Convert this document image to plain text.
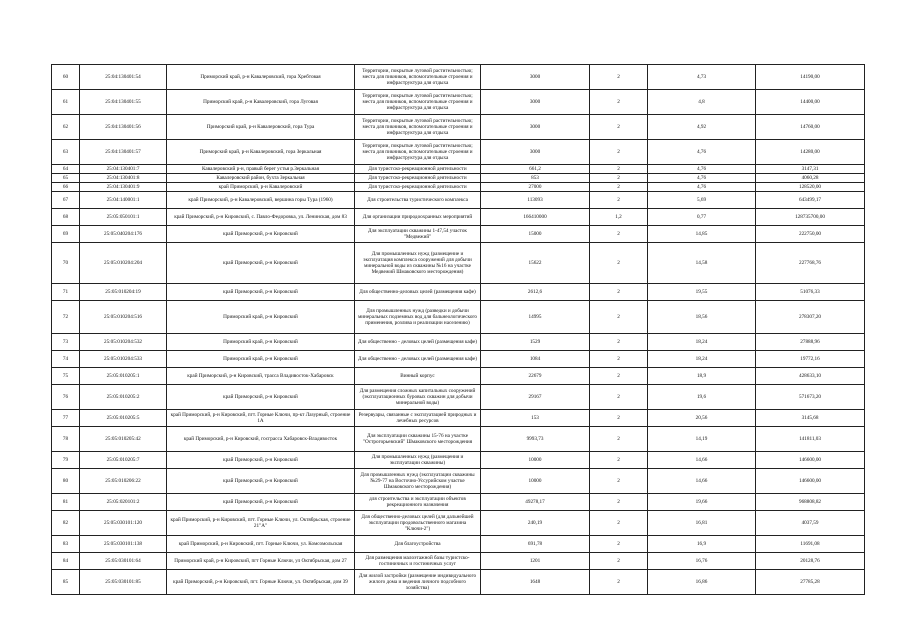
60	25:04:130401:54	Приморский край, р-н Кавалеровский, гора Хребтовая	Территории, покрытые луговой растительностью; места для пикников, вспомогательные строения и инфраструктура для отдыха	3000	2	4,73	14190,00
61	25:04:130401:55	Приморский край, р-н Кавалеровский, гора Луговая	Территории, покрытые луговой растительностью; места для пикников, вспомогательные строения и инфраструктура для отдыха	3000	2	4,8	14400,00
62	25:04:130401:56	Приморский край, р-н Кавалеровский, гора Тура	Территории, покрытые луговой растительностью; места для пикников, вспомогательные строения и инфраструктура для отдыха	3000	2	4,92	14760,00
63	25:04:130401:57	Приморский край, р-н Кавалеровский, гора Зеркальная	Территории, покрытые луговой растительностью; места для пикников, вспомогательные строения и инфраструктура для отдыха	3000	2	4,76	14280,00
64	25:04:130401:7	Кавалеровский р-н, правый берег устья р.Зеркальная	Для туристско-рекреационной деятельности	661,2	2	4,76	3147,31
65	25:04:130401:8	Кавалеровский район, бухта Зеркальная	Для туристско-рекреационной деятельности	853	2	4,76	4060,28
66	25:04:130401:9	край Приморский, р-н Кавалеровский	Для туристско-рекреационной деятельности	27000	2	4,76	128520,00
67	25:04:140001:1	край Приморский, р-н Кавалеровский, вершина горы Тура (1960)	Для строительства туристического комплекса	113093	2	5,69	643499,17
68	25:05:050101:1	край Приморский, р-н Кировский, с. Павло-Федоровка, ул. Ленинская, дом 83	Для организации природоохранных мероприятий	166410000	1,2	0,77	128735700,00
69	25:05:040204:176	край Приморский, р-н Кировский	Для эксплуатации скважины 1-47,54 участок "Медвежий"	15000	2	14,85	222750,00
70	25:05:010204:204	край Приморский, р-н Кировский	Для промышленных нужд (размещение и эксплуатация комплекса сооружений для добычи минеральной воды из скважины №16 на участке Медвежий Шмаковского месторождения)	15622	2	14,58	227768,76
71	25:05:010204:19	край Приморский, р-н Кировский	Для общественно-деловых целей (размещения кафе)	2612,6	2	19,55	51076,33
72	25:05:010204:516	Приморский край, р-н Кировский	Для промышленных нужд (разведки и добычи минеральных подземных вод для бальнеологического применения, розлива и реализации населению)	14995	2	18,56	278307,20
73	25:05:010204:532	Приморский край, р-н Кировский	Для общественно - деловых целей (размещения кафе)	1529	2	18,24	27888,96
74	25:05:010204:533	Приморский край, р-н Кировский	Для общественно - деловых целей (размещения кафе)	1084	2	18,24	19772,16
75	25:05:010205:1	край Приморский, р-н Кировский, трасса Владивосток-Хабаровск	Винный корпус	22679	2	18,9	428633,10
76	25:05:010205:2	край Приморский, р-н Кировский	Для размещения сложных капитальных сооружений (эксплуатационных буровых скважин для добычи минеральной воды)	29167	2	19,6	571673,20
77	25:05:010205:5	край Приморский, р-н Кировский, пгт. Горные Ключи, пр-кт Лазурный, строение 1А	Резервуары, связанные с эксплуатацией природных и лечебных ресурсов	153	2	20,56	3145,68
78	25:05:010205:42	край Приморский, р-н Кировский, госграсса Хабаровск-Владивосток	Для эксплуатации скважины 15-76 на участке "Острогорьевский" Шмаковского месторождения	9993,73	2	14,19	141811,03
79	25:05:010205:7	край Приморский, р-н Кировский	Для промышленных нужд (размещения и эксплуатации скважины)	10000	2	14,66	146600,00
80	25:05:010206:22	край Приморский, р-н Кировский	Для промышленных нужд (эксплуатации скважины №29-77 на Восточно-Уссурийском участке Шмаковского месторождения)	10000	2	14,66	146600,00
81	25:05:020101:2	край Приморский, р-н Кировский	для строительства и эксплуатации объектов рекреационного назначения	49278,17	2	19,66	968808,82
82	25:05:030101:120	край Приморский, р-н Кировский, пгт. Горные Ключи, ул. Октябрьская, строение 21"А"	Для общественно-деловых целей (для дальнейшей эксплуатации продовольственного магазина "Ключи-2")	240,19	2	16,81	4037,59
83	25:05:030101:138	край Приморский, р-н Кировский, пгт. Горные Ключи, ул. Комсомольская	Для благоустройства	691,78	2	16,9	11691,08
84	25:05:030101:64	Приморский край, р-н Кировский, пгт Горные Ключи, ул Октябрьская, дом 27	Для размещения малоэтажной базы туристско-гостиничных и гостиничных услуг	1201	2	16,76	20128,76
85	25:05:030101:85	край Приморский, р-н Кировский, пгт. Горные Ключи, ул. Октябрьская, дом 39	Для жилой застройки (размещение индивидуального жилого дома и ведения личного подсобного хозяйства)	1648	2	16,86	27785,28
